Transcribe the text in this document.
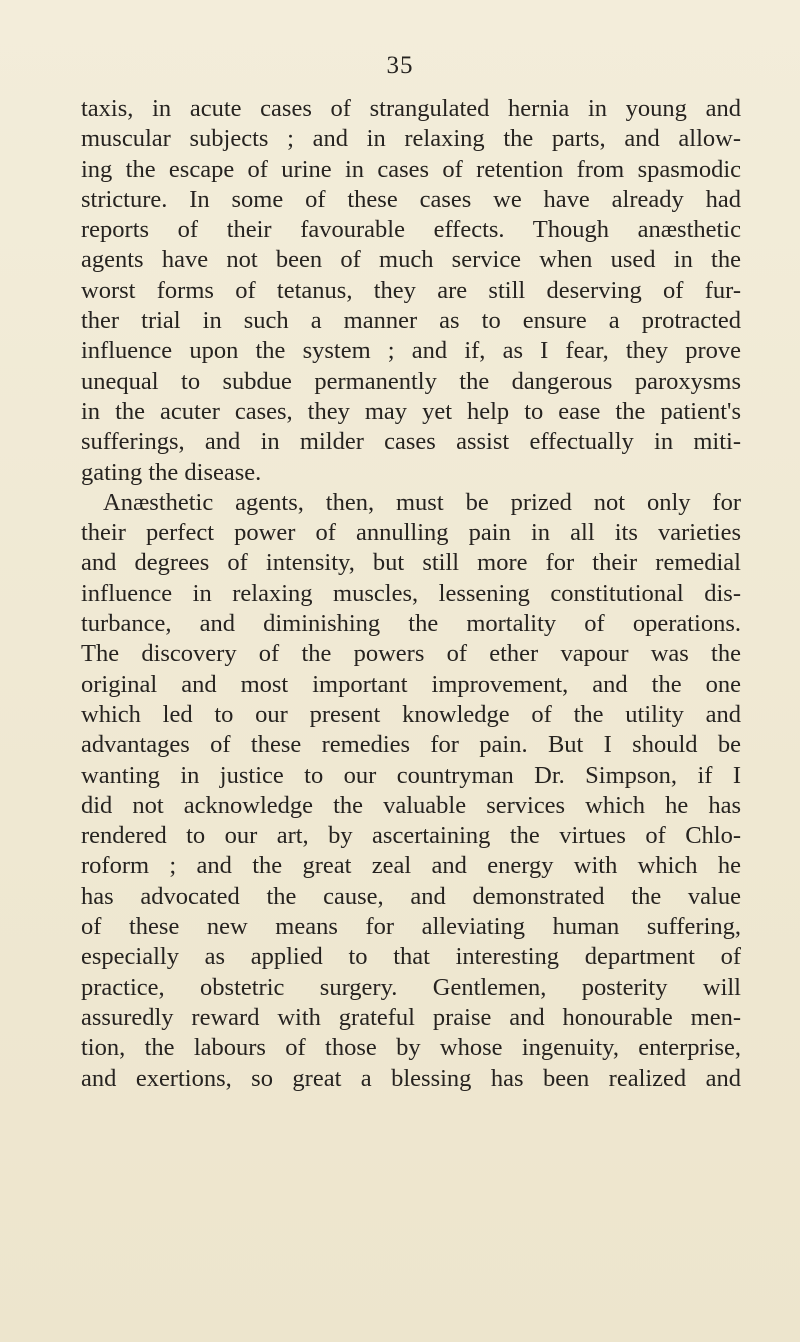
35
taxis, in acute cases of strangulated hernia in young and
muscular subjects ; and in relaxing the parts, and allow-
ing the escape of urine in cases of retention from spasmodic
stricture. In some of these cases we have already had
reports of their favourable effects. Though anæsthetic
agents have not been of much service when used in the
worst forms of tetanus, they are still deserving of fur-
ther trial in such a manner as to ensure a protracted
influence upon the system ; and if, as I fear, they prove
unequal to subdue permanently the dangerous paroxysms
in the acuter cases, they may yet help to ease the patient's
sufferings, and in milder cases assist effectually in miti-
gating the disease.
Anæsthetic agents, then, must be prized not only for
their perfect power of annulling pain in all its varieties
and degrees of intensity, but still more for their remedial
influence in relaxing muscles, lessening constitutional dis-
turbance, and diminishing the mortality of operations.
The discovery of the powers of ether vapour was the
original and most important improvement, and the one
which led to our present knowledge of the utility and
advantages of these remedies for pain. But I should be
wanting in justice to our countryman Dr. Simpson, if I
did not acknowledge the valuable services which he has
rendered to our art, by ascertaining the virtues of Chlo-
roform ; and the great zeal and energy with which he
has advocated the cause, and demonstrated the value
of these new means for alleviating human suffering,
especially as applied to that interesting department of
practice, obstetric surgery. Gentlemen, posterity will
assuredly reward with grateful praise and honourable men-
tion, the labours of those by whose ingenuity, enterprise,
and exertions, so great a blessing has been realized and
